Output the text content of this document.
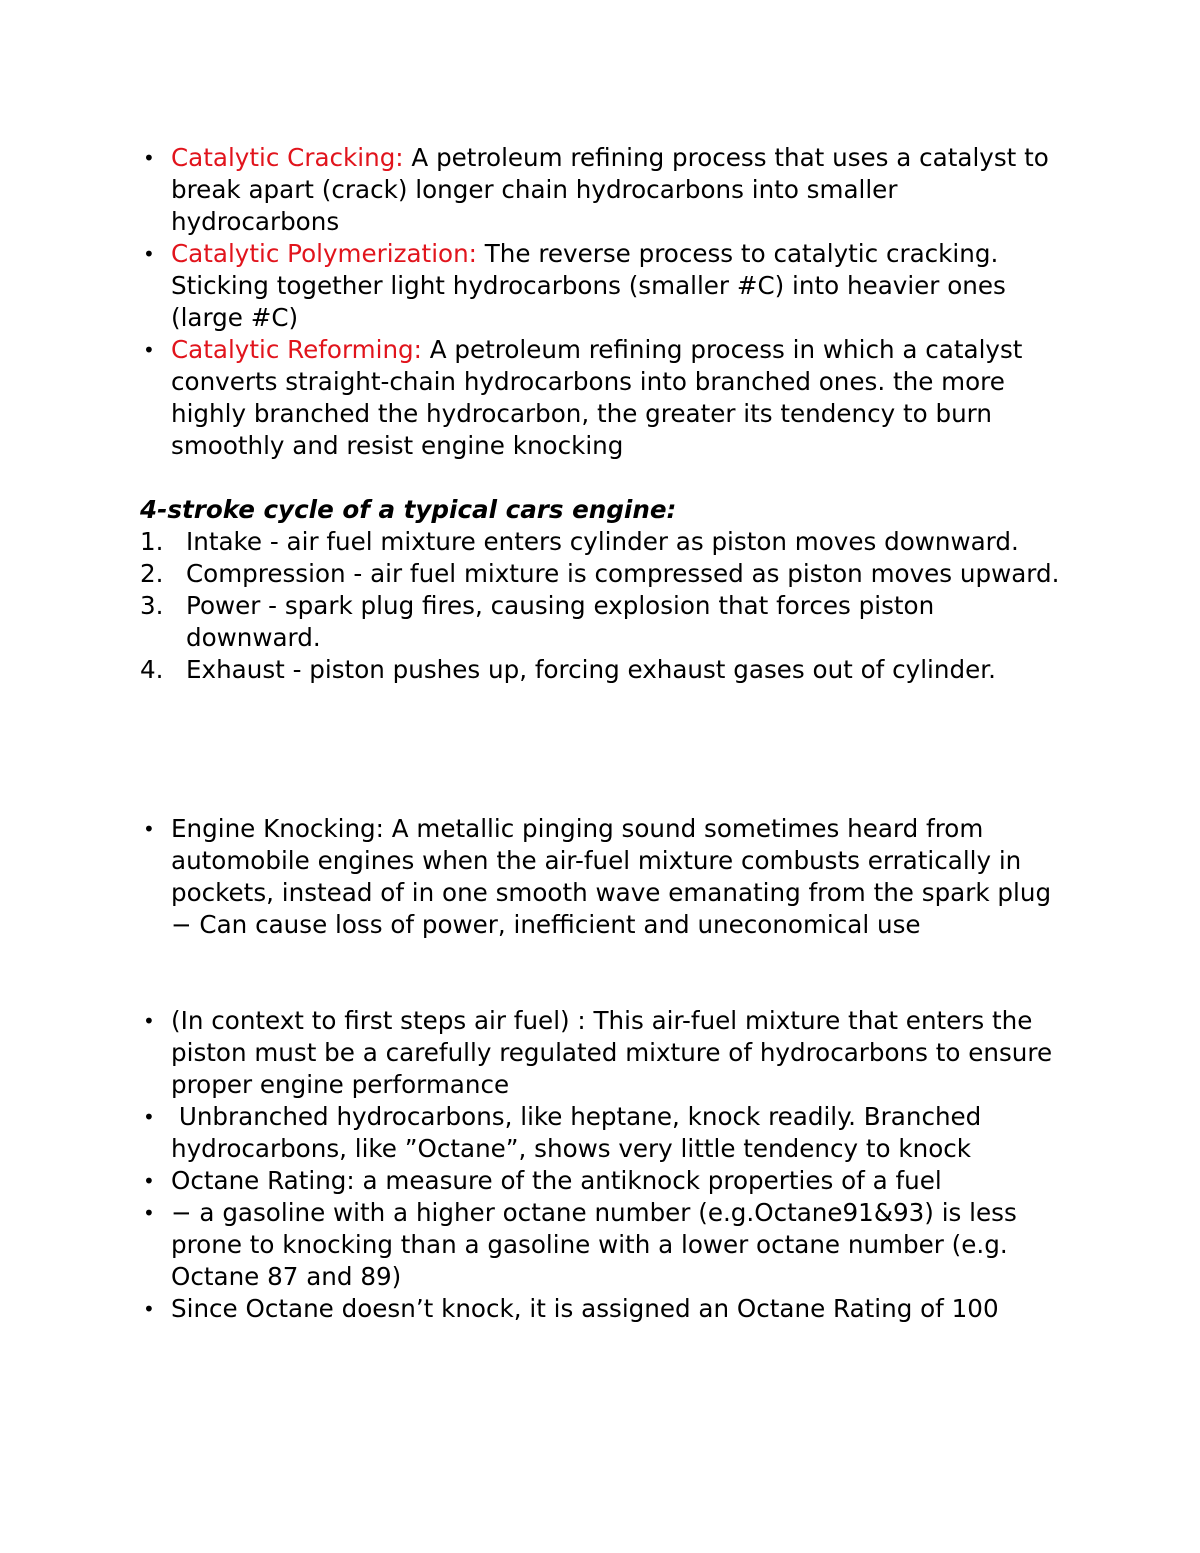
• Catalytic Cracking: A petroleum refining process that uses a catalyst to break apart (crack) longer chain hydrocarbons into smaller hydrocarbons
• Catalytic Polymerization: The reverse process to catalytic cracking. Sticking together light hydrocarbons (smaller #C) into heavier ones (large #C)
• Catalytic Reforming: A petroleum refining process in which a catalyst converts straight-chain hydrocarbons into branched ones. the more highly branched the hydrocarbon, the greater its tendency to burn smoothly and resist engine knocking
4-stroke cycle of a typical cars engine:
1. Intake - air fuel mixture enters cylinder as piston moves downward.
2. Compression - air fuel mixture is compressed as piston moves upward.
3. Power - spark plug fires, causing explosion that forces piston downward.
4. Exhaust - piston pushes up, forcing exhaust gases out of cylinder.
• Engine Knocking: A metallic pinging sound sometimes heard from automobile engines when the air-fuel mixture combusts erratically in pockets, instead of in one smooth wave emanating from the spark plug − Can cause loss of power, inefficient and uneconomical use
• (In context to first steps air fuel) : This air-fuel mixture that enters the piston must be a carefully regulated mixture of hydrocarbons to ensure proper engine performance
• Unbranched hydrocarbons, like heptane, knock readily. Branched hydrocarbons, like ”Octane”, shows very little tendency to knock
• Octane Rating: a measure of the antiknock properties of a fuel
• − a gasoline with a higher octane number (e.g.Octane91&93) is less prone to knocking than a gasoline with a lower octane number (e.g. Octane 87 and 89)
• Since Octane doesn’t knock, it is assigned an Octane Rating of 100
